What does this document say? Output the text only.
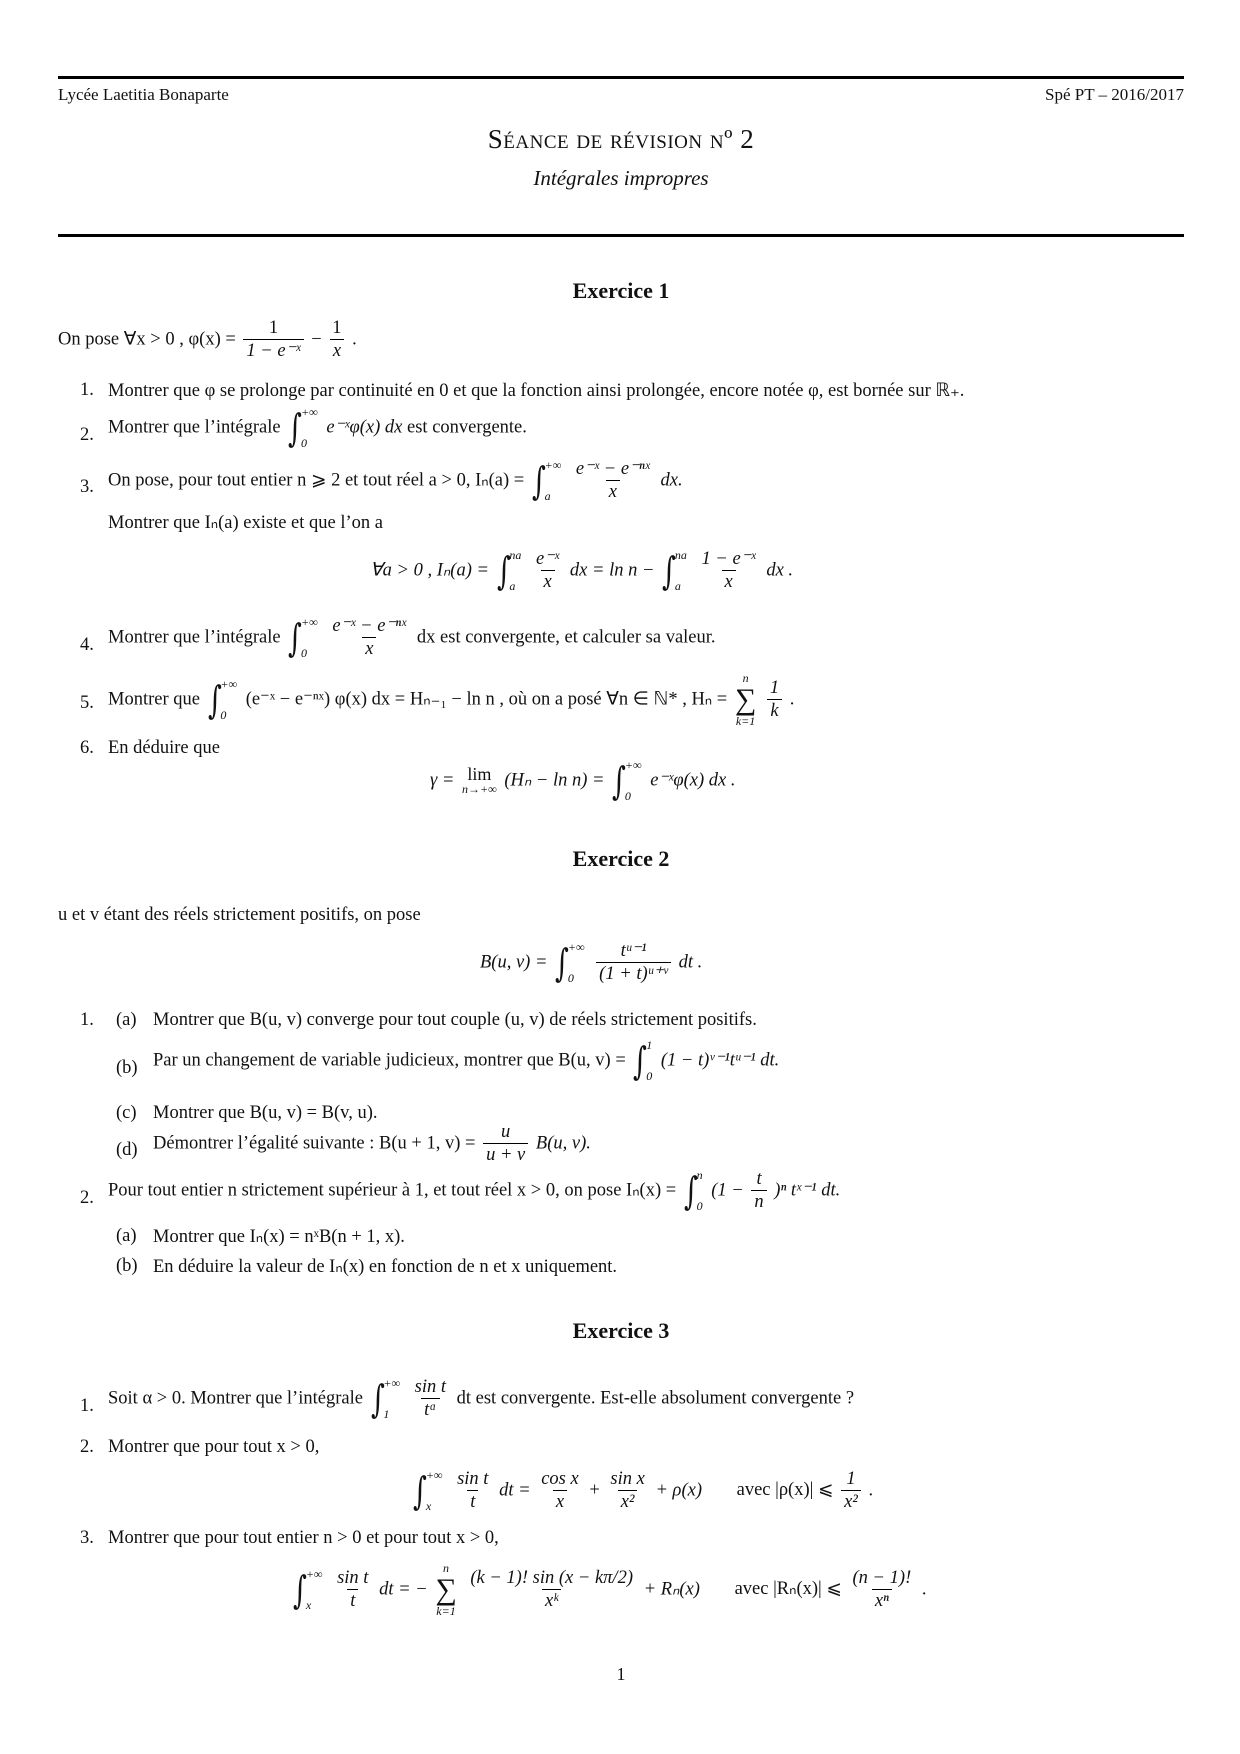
Lycée Laetitia Bonaparte	Spé PT – 2016/2017
Séance de révision nº 2
Intégrales impropres
Exercice 1
On pose ∀x > 0 , $\varphi(x) = \frac{1}{\text{1 − e⁻ˣ}} - \frac{1}{x}$ .
1. Montrer que φ se prolonge par continuité en 0 et que la fonction ainsi prolongée, encore notée φ, est bornée sur ℝ₊.
2. Montrer que l’intégrale ∫
+∞
0
e⁻ˣφ(x) dx est convergente.
3. On pose, pour tout entier n ⩾ 2 et tout réel a > 0, Iₙ(a) = ∫
+∞
a
	$\frac{\text{e⁻ˣ − e⁻ⁿˣ}}{x}$ dx.
Montrer que Iₙ(a) existe et que l’on a
∀a > 0 , Iₙ(a) = ∫
na
a
$\frac{\text{e⁻ˣ}}{x}$ dx = ln n − ∫
na
a
$\frac{\text{1 − e⁻ˣ}}{x}$ dx .
4. Montrer que l’intégrale ∫
+∞
0
	$\frac{\text{e⁻ˣ − e⁻ⁿˣ}}{x}$ dx est convergente, et calculer sa valeur.
5. Montrer que ∫
+∞
0
(e⁻ˣ − e⁻ⁿˣ) φ(x) dx = Hₙ₋₁ − ln n , où on a posé ∀n ∈ ℕ* , Hₙ =
n
∑
k=1
$\frac{1}{k}$ .
6. En déduire que
γ = lim
n→+∞ (Hₙ − ln n) = ∫
+∞
0
e⁻ˣφ(x) dx .
Exercice 2
u et v étant des réels strictement positifs, on pose
B(u, v) = ∫
+∞
0
	$\frac{\text{tᵘ⁻¹}}{\text{(1 + t)ᵘ⁺ᵛ}}$ dt .
1. (a) Montrer que B(u, v) converge pour tout couple (u, v) de réels strictement positifs.
(b) Par un changement de variable judicieux, montrer que B(u, v) = ∫
1
0
(1 − t)ᵛ⁻¹tᵘ⁻¹ dt.
(c) Montrer que B(u, v) = B(v, u).
(d) Démontrer l’égalité suivante : B(u + 1, $v) = \frac{u}{u + v} B(u$, v).
2. Pour tout entier n strictement supérieur à 1, et tout réel x > 0, on pose Iₙ(x) = ∫
n
0
$(1 - \frac{t}{n} )^n$ tˣ⁻¹ dt.
(a) Montrer que Iₙ(x) = nˣB(n + 1, x).
(b) En déduire la valeur de Iₙ(x) en fonction de n et x uniquement.
Exercice 3
1. Soit α > 0. Montrer que l’intégrale ∫
+∞
1
	$\frac{\text{sin t}}{\text{tᵅ}}$ dt est convergente. Est-elle absolument convergente ?
2. Montrer que pour tout x > 0,
∫
+∞
x
	$\frac{\text{sin t}}{t}$ dt = $\frac{\text{cos x}}{x} + \frac{\text{sin x}}{\text{x²}} + \rho(x)$ avec |ρ(x)| ⩽ $\frac{1}{\text{x²}}$ .
3. Montrer que pour tout entier n > 0 et pour tout x > 0,
∫
+∞
x
	$\frac{\text{sin t}}{t}$ dt = −
n
∑
k=1
$\frac{(k - 1)! \sin (x - k\pi/2)}{\text{xᵏ}} + R_n(x)$ avec |Rₙ(x)| ⩽ $\frac{(n - 1)!}{\text{xⁿ}}$ .
1
